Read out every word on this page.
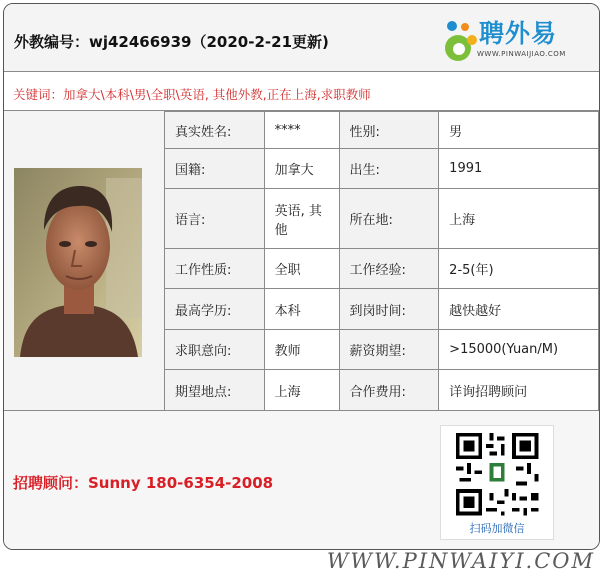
外教编号：wj42466939（2020-2-21更新)	聘外易
WWW.PINWAIJIAO.COM
关键词：加拿大\本科\男\全职\英语, 其他外教,正在上海,求职教师
真实姓名:	****	性别:	男
国籍:	加拿大	出生:	1991
语言:	英语, 其他	所在地:	上海
工作性质:	全职	工作经验:	2-5(年)
最高学历:	本科	到岗时间:	越快越好
求职意向:	教师	薪资期望:	>15000(Yuan/M)
期望地点:	上海	合作费用:	详询招聘顾问
招聘顾问：Sunny 180-6354-2008
扫码加微信
WWW.PINWAIYI.COM
